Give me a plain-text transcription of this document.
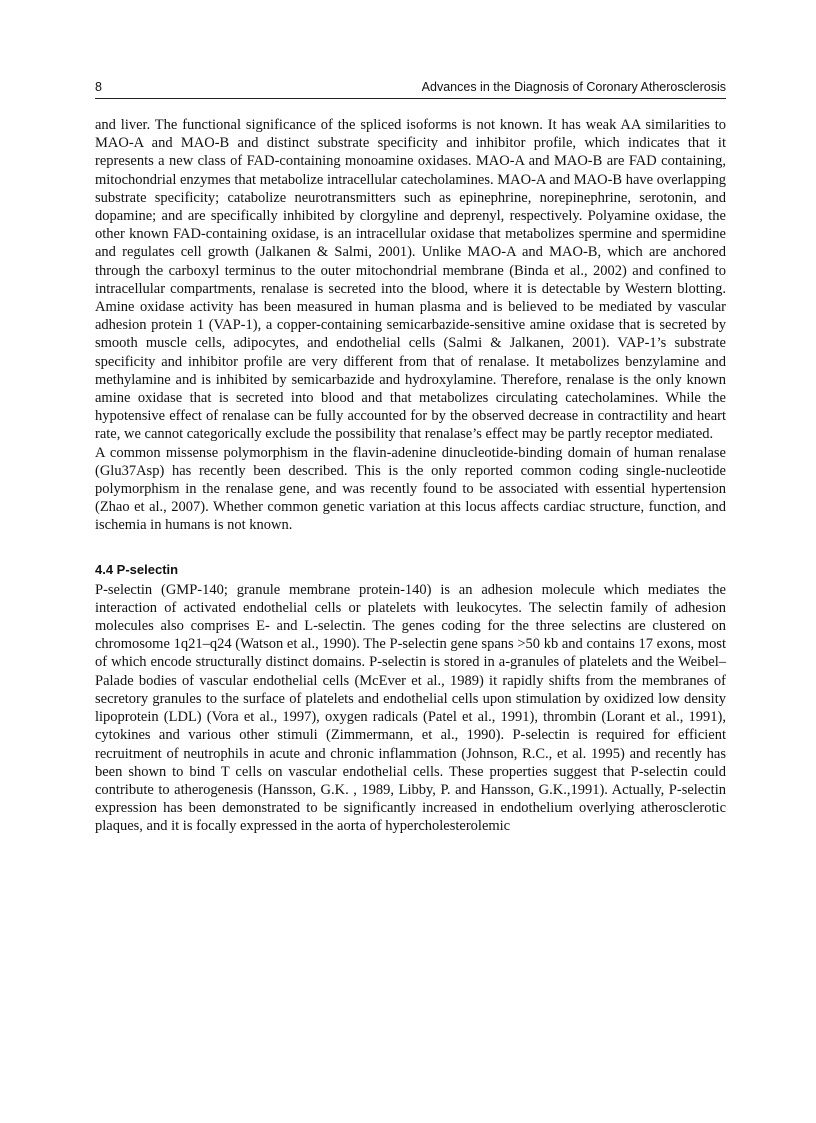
8	Advances in the Diagnosis of Coronary Atherosclerosis

and liver. The functional significance of the spliced isoforms is not known. It has weak AA similarities to MAO-A and MAO-B and distinct substrate specificity and inhibitor profile, which indicates that it represents a new class of FAD-containing monoamine oxidases. MAO-A and MAO-B are FAD containing, mitochondrial enzymes that metabolize intracellular catecholamines. MAO-A and MAO-B have overlapping substrate specificity; catabolize neurotransmitters such as epinephrine, norepinephrine, serotonin, and dopamine; and are specifically inhibited by clorgyline and deprenyl, respectively. Polyamine oxidase, the other known FAD-containing oxidase, is an intracellular oxidase that metabolizes spermine and spermidine and regulates cell growth (Jalkanen & Salmi, 2001). Unlike MAO-A and MAO-B, which are anchored through the carboxyl terminus to the outer mitochondrial membrane (Binda et al., 2002) and confined to intracellular compartments, renalase is secreted into the blood, where it is detectable by Western blotting. Amine oxidase activity has been measured in human plasma and is believed to be mediated by vascular adhesion protein 1 (VAP-1), a copper-containing semicarbazide-sensitive amine oxidase that is secreted by smooth muscle cells, adipocytes, and endothelial cells (Salmi & Jalkanen, 2001). VAP-1’s substrate specificity and inhibitor profile are very different from that of renalase. It metabolizes benzylamine and methylamine and is inhibited by semicarbazide and hydroxylamine. Therefore, renalase is the only known amine oxidase that is secreted into blood and that metabolizes circulating catecholamines. While the hypotensive effect of renalase can be fully accounted for by the observed decrease in contractility and heart rate, we cannot categorically exclude the possibility that renalase’s effect may be partly receptor mediated.

A common missense polymorphism in the flavin-adenine dinucleotide-binding domain of human renalase (Glu37Asp) has recently been described. This is the only reported common coding single-nucleotide polymorphism in the renalase gene, and was recently found to be associated with essential hypertension (Zhao et al., 2007). Whether common genetic variation at this locus affects cardiac structure, function, and ischemia in humans is not known.

4.4 P-selectin

P-selectin (GMP-140; granule membrane protein-140) is an adhesion molecule which mediates the interaction of activated endothelial cells or platelets with leukocytes. The selectin family of adhesion molecules also comprises E- and L-selectin. The genes coding for the three selectins are clustered on chromosome 1q21–q24 (Watson et al., 1990). The P-selectin gene spans >50 kb and contains 17 exons, most of which encode structurally distinct domains. P-selectin is stored in a-granules of platelets and the Weibel–Palade bodies of vascular endothelial cells (McEver et al., 1989) it rapidly shifts from the membranes of secretory granules to the surface of platelets and endothelial cells upon stimulation by oxidized low density lipoprotein (LDL) (Vora et al., 1997), oxygen radicals (Patel et al., 1991), thrombin (Lorant et al., 1991), cytokines and various other stimuli (Zimmermann, et al., 1990). P-selectin is required for efficient recruitment of neutrophils in acute and chronic inflammation (Johnson, R.C., et al. 1995) and recently has been shown to bind T cells on vascular endothelial cells. These properties suggest that P-selectin could contribute to atherogenesis (Hansson, G.K. , 1989, Libby, P. and Hansson, G.K.,1991). Actually, P-selectin expression has been demonstrated to be significantly increased in endothelium overlying atherosclerotic plaques, and it is focally expressed in the aorta of hypercholesterolemic
